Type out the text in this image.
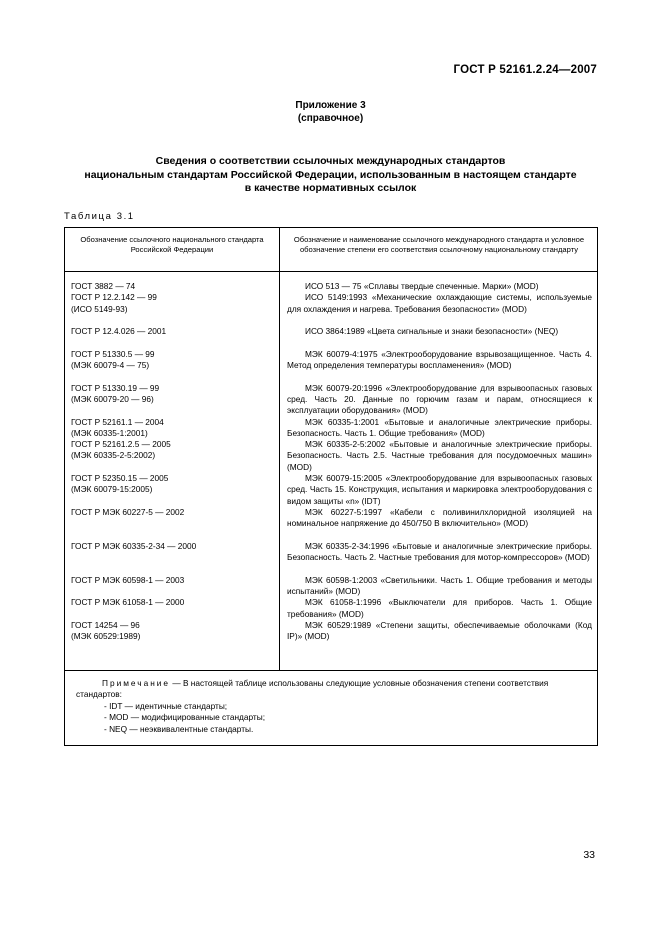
ГОСТ Р 52161.2.24—2007
Приложение 3
(справочное)
Сведения о соответствии ссылочных международных стандартов
национальным стандартам Российской Федерации, использованным в настоящем стандарте
в качестве нормативных ссылок
Таблица 3.1
Обозначение ссылочного национального стандарта Российской Федерации
Обозначение и наименование ссылочного международного стандарта и условное обозначение степени его соответствия ссылочному национальному стандарту
ГОСТ 3882 — 74
ГОСТ Р 12.2.142 — 99
(ИСО 5149-93)
ГОСТ Р 12.4.026 — 2001
ГОСТ Р 51330.5 — 99
(МЭК 60079-4 — 75)
ГОСТ Р 51330.19 — 99
(МЭК 60079-20 — 96)
ГОСТ Р 52161.1 — 2004
(МЭК 60335-1:2001)
ГОСТ Р 52161.2.5 — 2005
(МЭК 60335-2-5:2002)
ГОСТ Р 52350.15 — 2005
(МЭК 60079-15:2005)
ГОСТ Р МЭК 60227-5 — 2002
ГОСТ Р МЭК 60335-2-34 — 2000
ГОСТ Р МЭК 60598-1 — 2003
ГОСТ Р МЭК 61058-1 — 2000
ГОСТ 14254 — 96
(МЭК 60529:1989)
ИСО 513 — 75 «Сплавы твердые спеченные. Марки» (MOD)
ИСО 5149:1993 «Механические охлаждающие системы, используемые для охлаждения и нагрева. Требования безопасности» (MOD)
ИСО 3864:1989 «Цвета сигнальные и знаки безопасности» (NEQ)
МЭК 60079-4:1975 «Электрооборудование взрывозащищенное. Часть 4. Метод определения температуры воспламенения» (MOD)
МЭК 60079-20:1996 «Электрооборудование для взрывоопасных газовых сред. Часть 20. Данные по горючим газам и парам, относящиеся к эксплуатации оборудования» (MOD)
МЭК 60335-1:2001 «Бытовые и аналогичные электрические приборы. Безопасность. Часть 1. Общие требования» (MOD)
МЭК 60335-2-5:2002 «Бытовые и аналогичные электрические приборы. Безопасность. Часть 2.5. Частные требования для посудомоечных машин» (MOD)
МЭК 60079-15:2005 «Электрооборудование для взрывоопасных газовых сред. Часть 15. Конструкция, испытания и маркировка электрооборудования с видом защиты «n» (IDT)
МЭК 60227-5:1997 «Кабели с поливинилхлоридной изоляцией на номинальное напряжение до 450/750 В включительно» (MOD)
МЭК 60335-2-34:1996 «Бытовые и аналогичные электрические приборы. Безопасность. Часть 2. Частные требования для мотор-компрессоров» (MOD)
МЭК 60598-1:2003 «Светильники. Часть 1. Общие требования и методы испытаний» (MOD)
МЭК 61058-1:1996 «Выключатели для приборов. Часть 1. Общие требования» (MOD)
МЭК 60529:1989 «Степени защиты, обеспечиваемые оболочками (Код IP)» (MOD)
Примечание — В настоящей таблице использованы следующие условные обозначения степени соответствия стандартов:
- IDT — идентичные стандарты;
- MOD — модифицированные стандарты;
- NEQ — неэквивалентные стандарты.
33
